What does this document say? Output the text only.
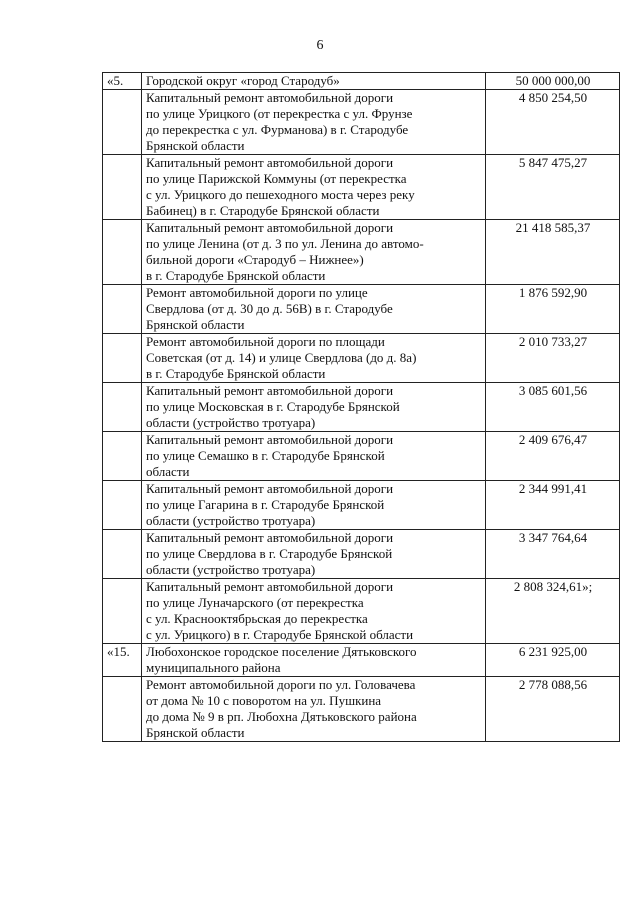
6
«5.	Городской округ «город Стародуб»	50 000 000,00
	Капитальный ремонт автомобильной дороги
по улице Урицкого (от перекрестка с ул. Фрунзе
до перекрестка с ул. Фурманова) в г. Стародубе
Брянской области	4 850 254,50
	Капитальный ремонт автомобильной дороги
по улице Парижской Коммуны (от перекрестка
с ул. Урицкого до пешеходного моста через реку
Бабинец) в г. Стародубе Брянской области	5 847 475,27
	Капитальный ремонт автомобильной дороги
по улице Ленина (от д. 3 по ул. Ленина до автомо-
бильной дороги «Стародуб – Нижнее»)
в г. Стародубе Брянской области	21 418 585,37
	Ремонт автомобильной дороги по улице
Свердлова (от д. 30 до д. 56В) в г. Стародубе
Брянской области	1 876 592,90
	Ремонт автомобильной дороги по площади
Советская (от д. 14) и улице Свердлова (до д. 8а)
в г. Стародубе Брянской области	2 010 733,27
	Капитальный ремонт автомобильной дороги
по улице Московская в г. Стародубе Брянской
области (устройство тротуара)	3 085 601,56
	Капитальный ремонт автомобильной дороги
по улице Семашко в г. Стародубе Брянской
области	2 409 676,47
	Капитальный ремонт автомобильной дороги
по улице Гагарина в г. Стародубе Брянской
области (устройство тротуара)	2 344 991,41
	Капитальный ремонт автомобильной дороги
по улице Свердлова в г. Стародубе Брянской
области (устройство тротуара)	3 347 764,64
	Капитальный ремонт автомобильной дороги
по улице Луначарского (от перекрестка
с ул. Краснооктябрьская до перекрестка
с ул. Урицкого) в г. Стародубе Брянской области	2 808 324,61»;
«15.	Любохонское городское поселение Дятьковского
муниципального района	6 231 925,00
	Ремонт автомобильной дороги по ул. Головачева
от дома № 10 с поворотом на ул. Пушкина
до дома № 9 в рп. Любохна Дятьковского района
Брянской области	2 778 088,56
